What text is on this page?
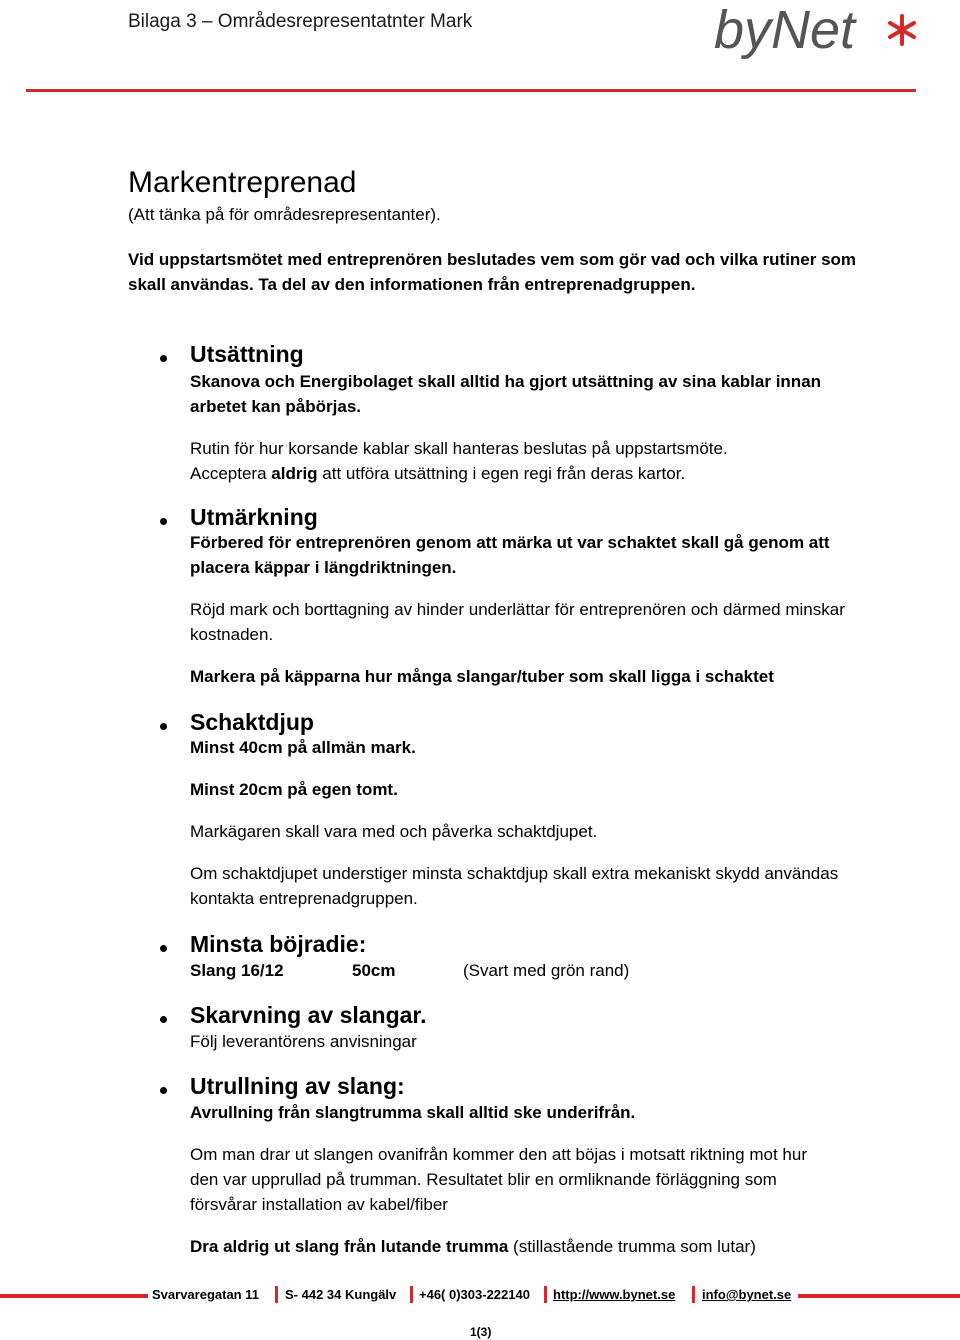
Bilaga 3 – Områdesrepresentatnter Mark	byNet
Markentreprenad
(Att tänka på för områdesrepresentanter).
Vid uppstartsmötet med entreprenören beslutades vem som gör vad och vilka rutiner som skall användas. Ta del av den informationen från entreprenadgruppen.
Utsättning
Skanova och Energibolaget skall alltid ha gjort utsättning av sina kablar innan arbetet kan påbörjas.
Rutin för hur korsande kablar skall hanteras beslutas på uppstartsmöte.
Acceptera aldrig att utföra utsättning i egen regi från deras kartor.
Utmärkning
Förbered för entreprenören genom att märka ut var schaktet skall gå genom att placera käppar i längdriktningen.
Röjd mark och borttagning av hinder underlättar för entreprenören och därmed minskar kostnaden.
Markera på käpparna hur många slangar/tuber som skall ligga i schaktet
Schaktdjup
Minst 40cm på allmän mark.
Minst 20cm på egen tomt.
Markägaren skall vara med och påverka schaktdjupet.
Om schaktdjupet understiger minsta schaktdjup skall extra mekaniskt skydd användas kontakta entreprenadgruppen.
Minsta böjradie:
Slang 16/12	50cm	(Svart med grön rand)
Skarvning av slangar.
Följ leverantörens anvisningar
Utrullning av slang:
Avrullning från slangtrumma skall alltid ske underifrån.
Om man drar ut slangen ovanifrån kommer den att böjas i motsatt riktning mot hur den var upprullad på trumman. Resultatet blir en ormliknande förläggning som försvårar installation av kabel/fiber
Dra aldrig ut slang från lutande trumma (stillastående trumma som lutar)
Svarvaregatan 11 S- 442 34 Kungälv +46( 0)303-222140 http://www.bynet.se info@bynet.se
1(3)
